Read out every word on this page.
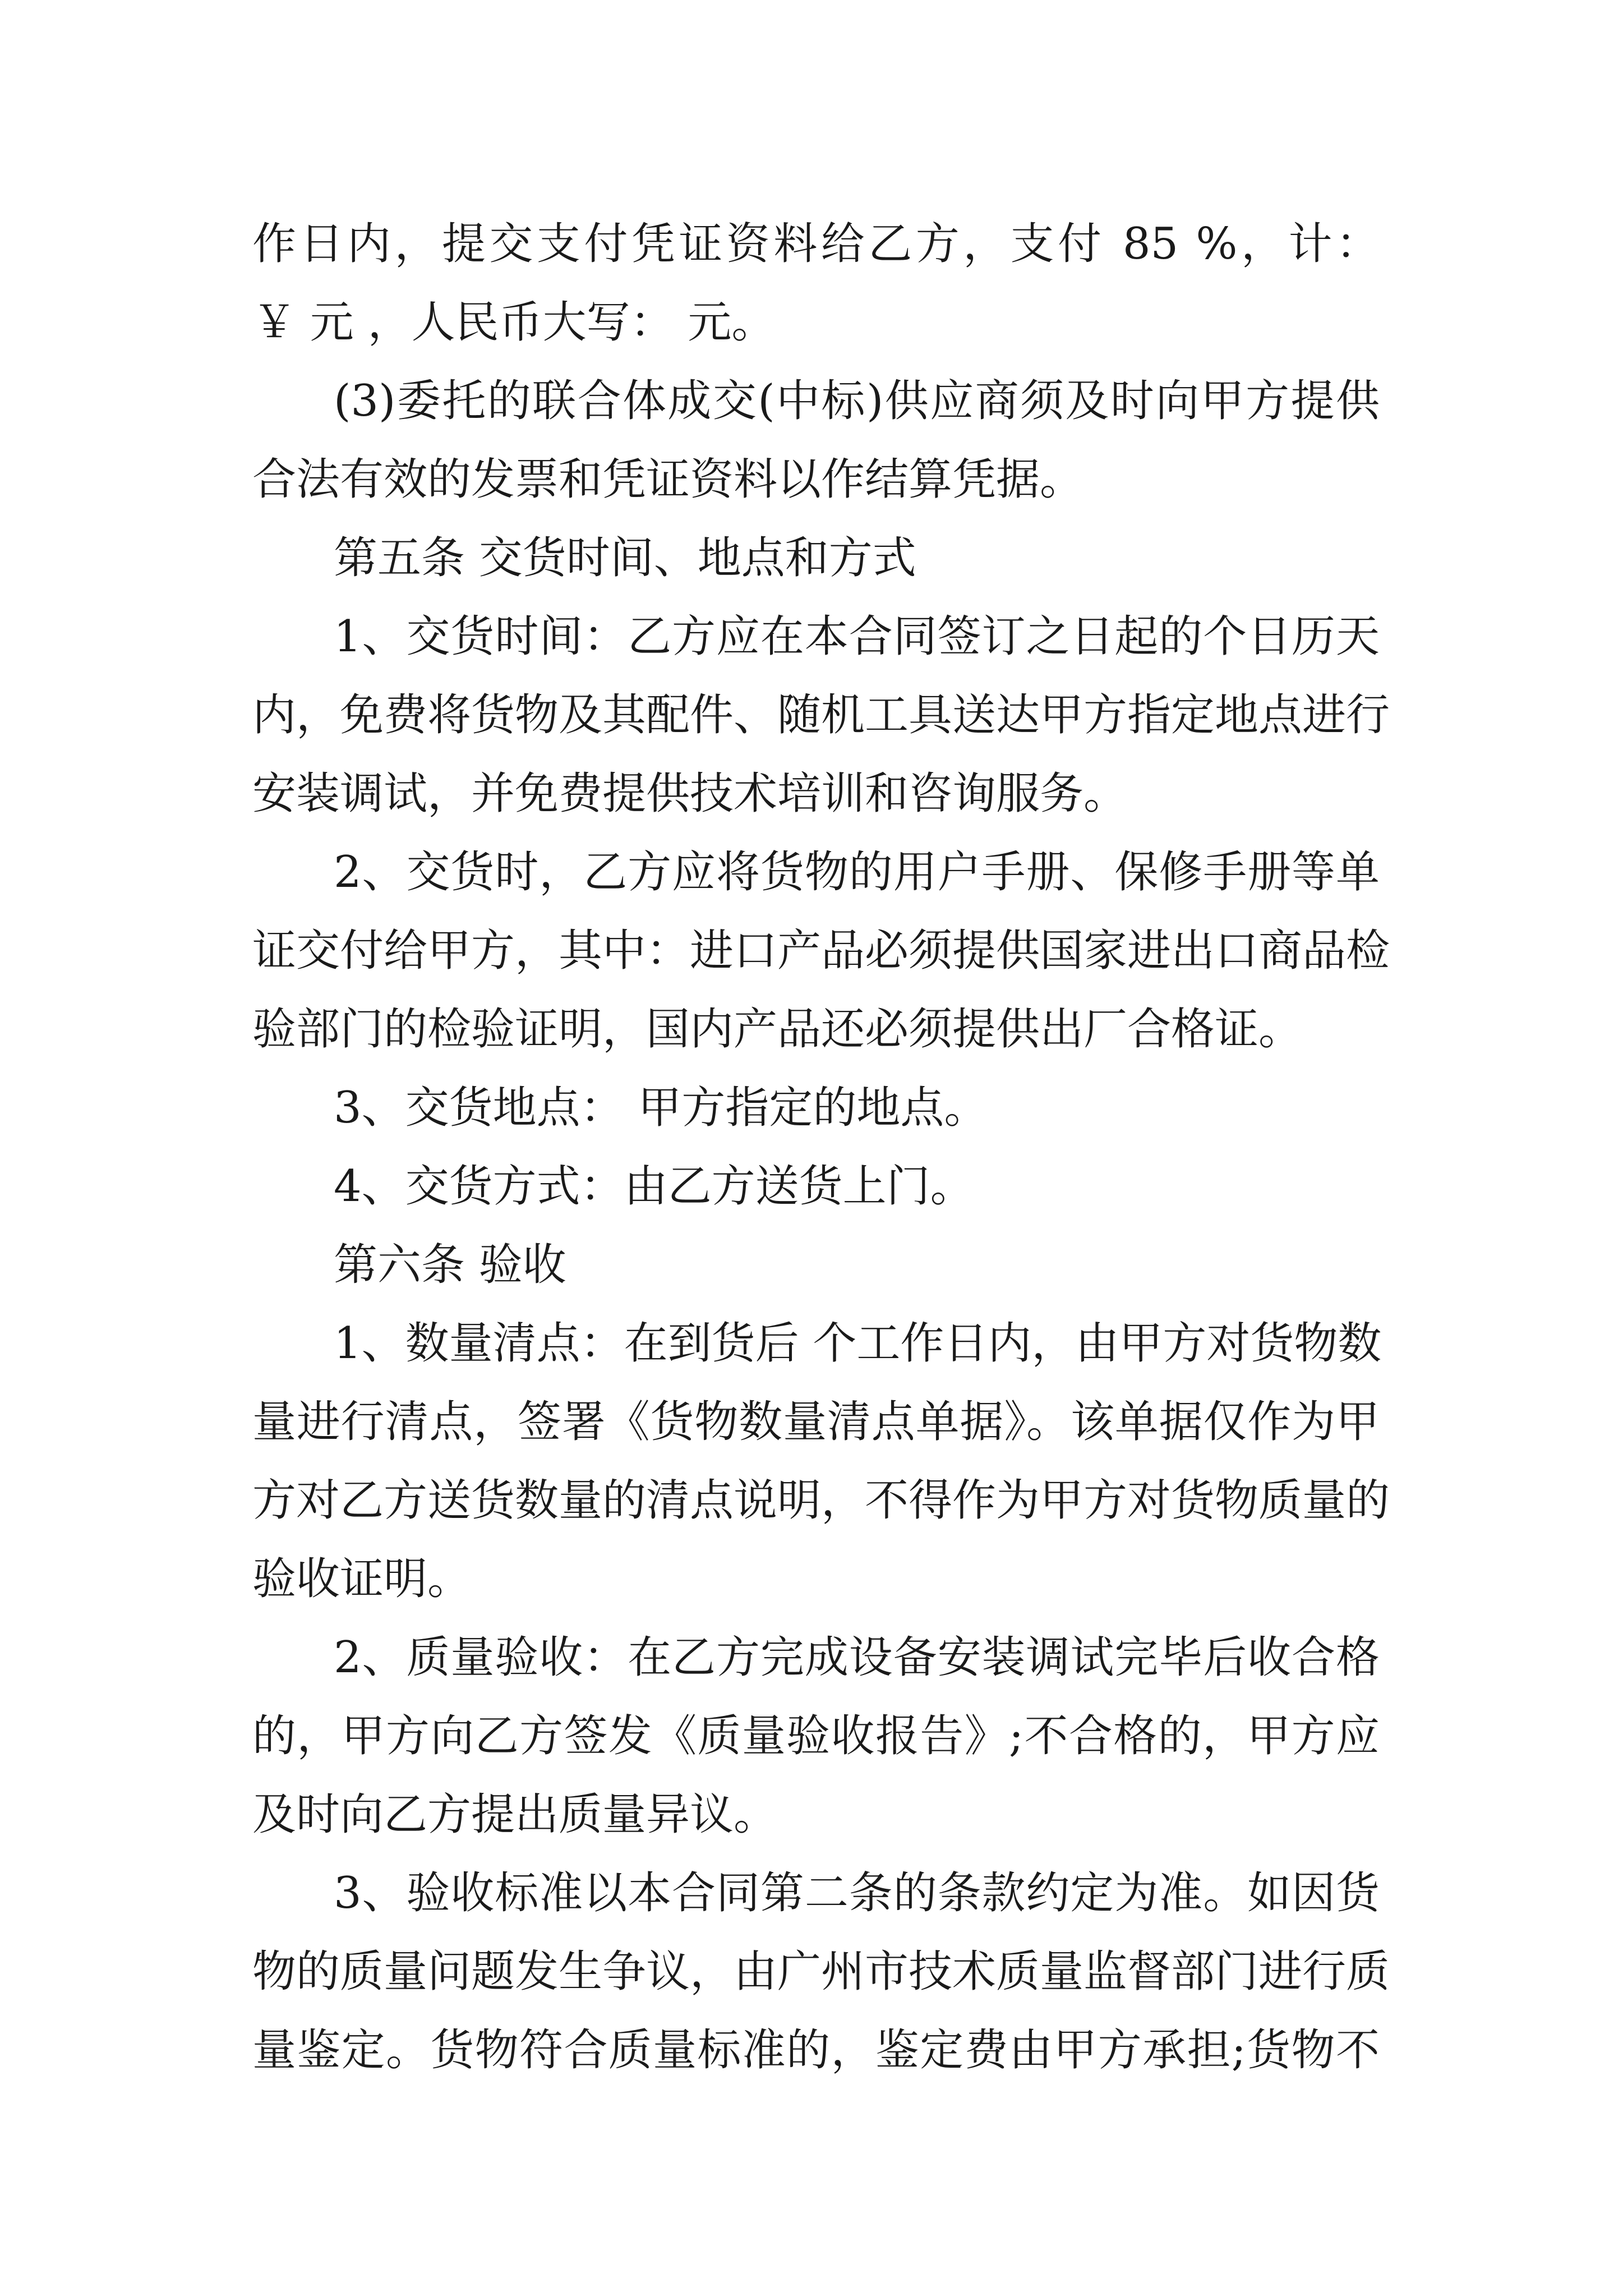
作日内，提交支付凭证资料给乙方，支付 85 %，计：
￥ 元 ，人民币大写： 元。
(3)委托的联合体成交(中标)供应商须及时向甲方提供
合法有效的发票和凭证资料以作结算凭据。
第五条 交货时间、地点和方式
1、交货时间：乙方应在本合同签订之日起的个日历天
内，免费将货物及其配件、随机工具送达甲方指定地点进行
安装调试，并免费提供技术培训和咨询服务。
2、交货时，乙方应将货物的用户手册、保修手册等单
证交付给甲方，其中：进口产品必须提供国家进出口商品检
验部门的检验证明，国内产品还必须提供出厂合格证。
3、交货地点： 甲方指定的地点。
4、交货方式：由乙方送货上门。
第六条 验收
1、数量清点：在到货后 个工作日内，由甲方对货物数
量进行清点，签署《货物数量清点单据》。该单据仅作为甲
方对乙方送货数量的清点说明，不得作为甲方对货物质量的
验收证明。
2、质量验收：在乙方完成设备安装调试完毕后收合格
的，甲方向乙方签发《质量验收报告》;不合格的，甲方应
及时向乙方提出质量异议。
3、验收标准以本合同第二条的条款约定为准。如因货
物的质量问题发生争议，由广州市技术质量监督部门进行质
量鉴定。货物符合质量标准的，鉴定费由甲方承担;货物不
